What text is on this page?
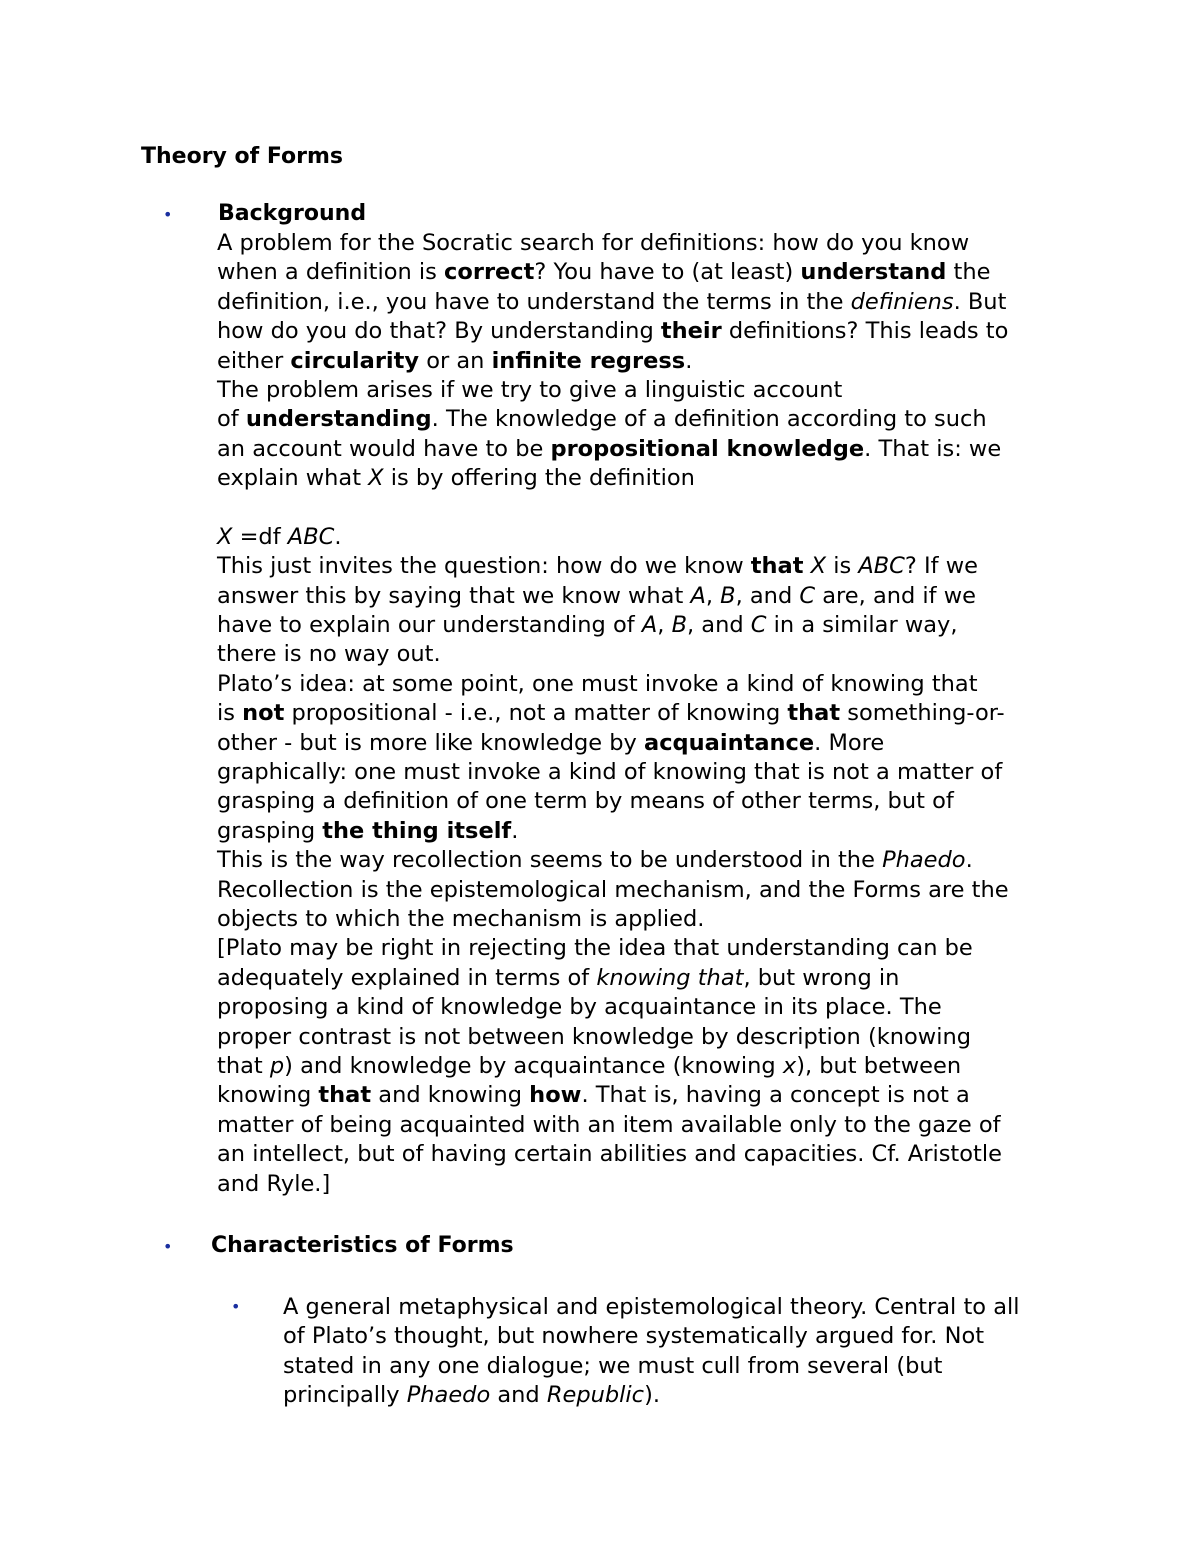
Theory of Forms
• Background
A problem for the Socratic search for definitions: how do you know
when a definition is correct? You have to (at least) understand the
definition, i.e., you have to understand the terms in the definiens. But
how do you do that? By understanding their definitions? This leads to
either circularity or an infinite regress.
The problem arises if we try to give a linguistic account
of understanding. The knowledge of a definition according to such
an account would have to be propositional knowledge. That is: we
explain what X is by offering the definition
X =df ABC.
This just invites the question: how do we know that X is ABC? If we
answer this by saying that we know what A, B, and C are, and if we
have to explain our understanding of A, B, and C in a similar way,
there is no way out.
Plato’s idea: at some point, one must invoke a kind of knowing that
is not propositional - i.e., not a matter of knowing that something-or-
other - but is more like knowledge by acquaintance. More
graphically: one must invoke a kind of knowing that is not a matter of
grasping a definition of one term by means of other terms, but of
grasping the thing itself.
This is the way recollection seems to be understood in the Phaedo.
Recollection is the epistemological mechanism, and the Forms are the
objects to which the mechanism is applied.
[Plato may be right in rejecting the idea that understanding can be
adequately explained in terms of knowing that, but wrong in
proposing a kind of knowledge by acquaintance in its place. The
proper contrast is not between knowledge by description (knowing
that p) and knowledge by acquaintance (knowing x), but between
knowing that and knowing how. That is, having a concept is not a
matter of being acquainted with an item available only to the gaze of
an intellect, but of having certain abilities and capacities. Cf. Aristotle
and Ryle.]
• Characteristics of Forms
• A general metaphysical and epistemological theory. Central to all
of Plato’s thought, but nowhere systematically argued for. Not
stated in any one dialogue; we must cull from several (but
principally Phaedo and Republic).
